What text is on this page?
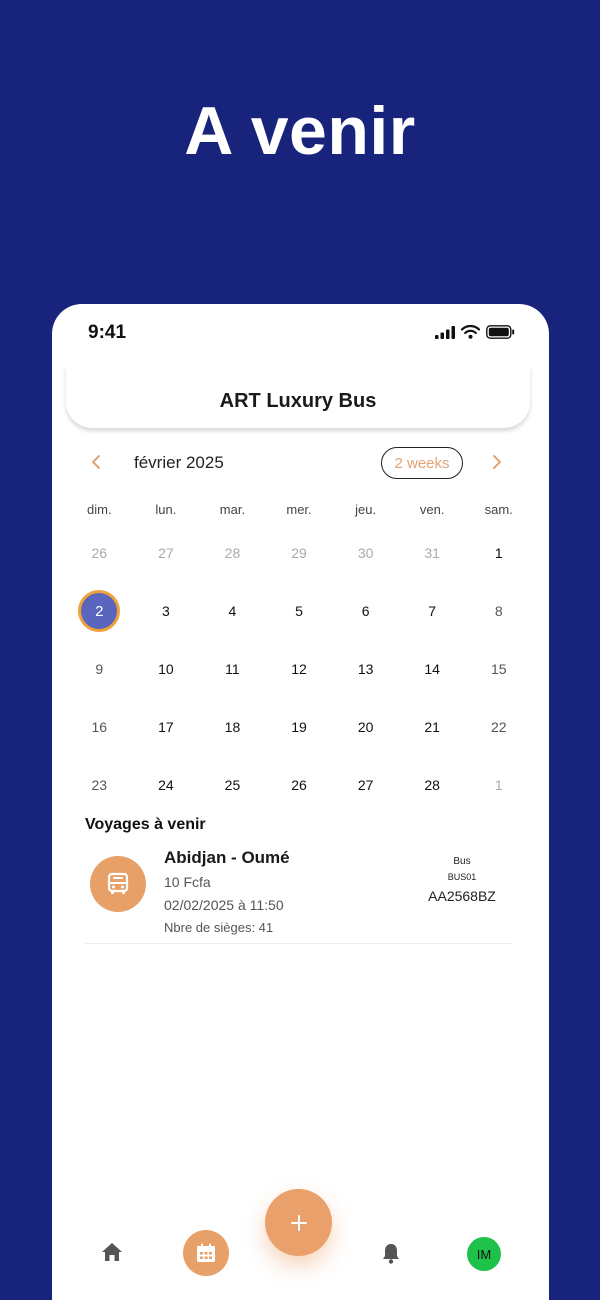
A venir
9:41
ART Luxury Bus
février 2025	2 weeks
dim.	lun.	mar.	mer.	jeu.	ven.	sam.
26	27	28	29	30	31	1
2	3	4	5	6	7	8
9	10	11	12	13	14	15
16	17	18	19	20	21	22
23	24	25	26	27	28	1
Voyages à venir
Abidjan - Oumé
10 Fcfa
02/02/2025 à 11:50
Nbre de sièges: 41
Bus
BUS01
AA2568BZ
IM
